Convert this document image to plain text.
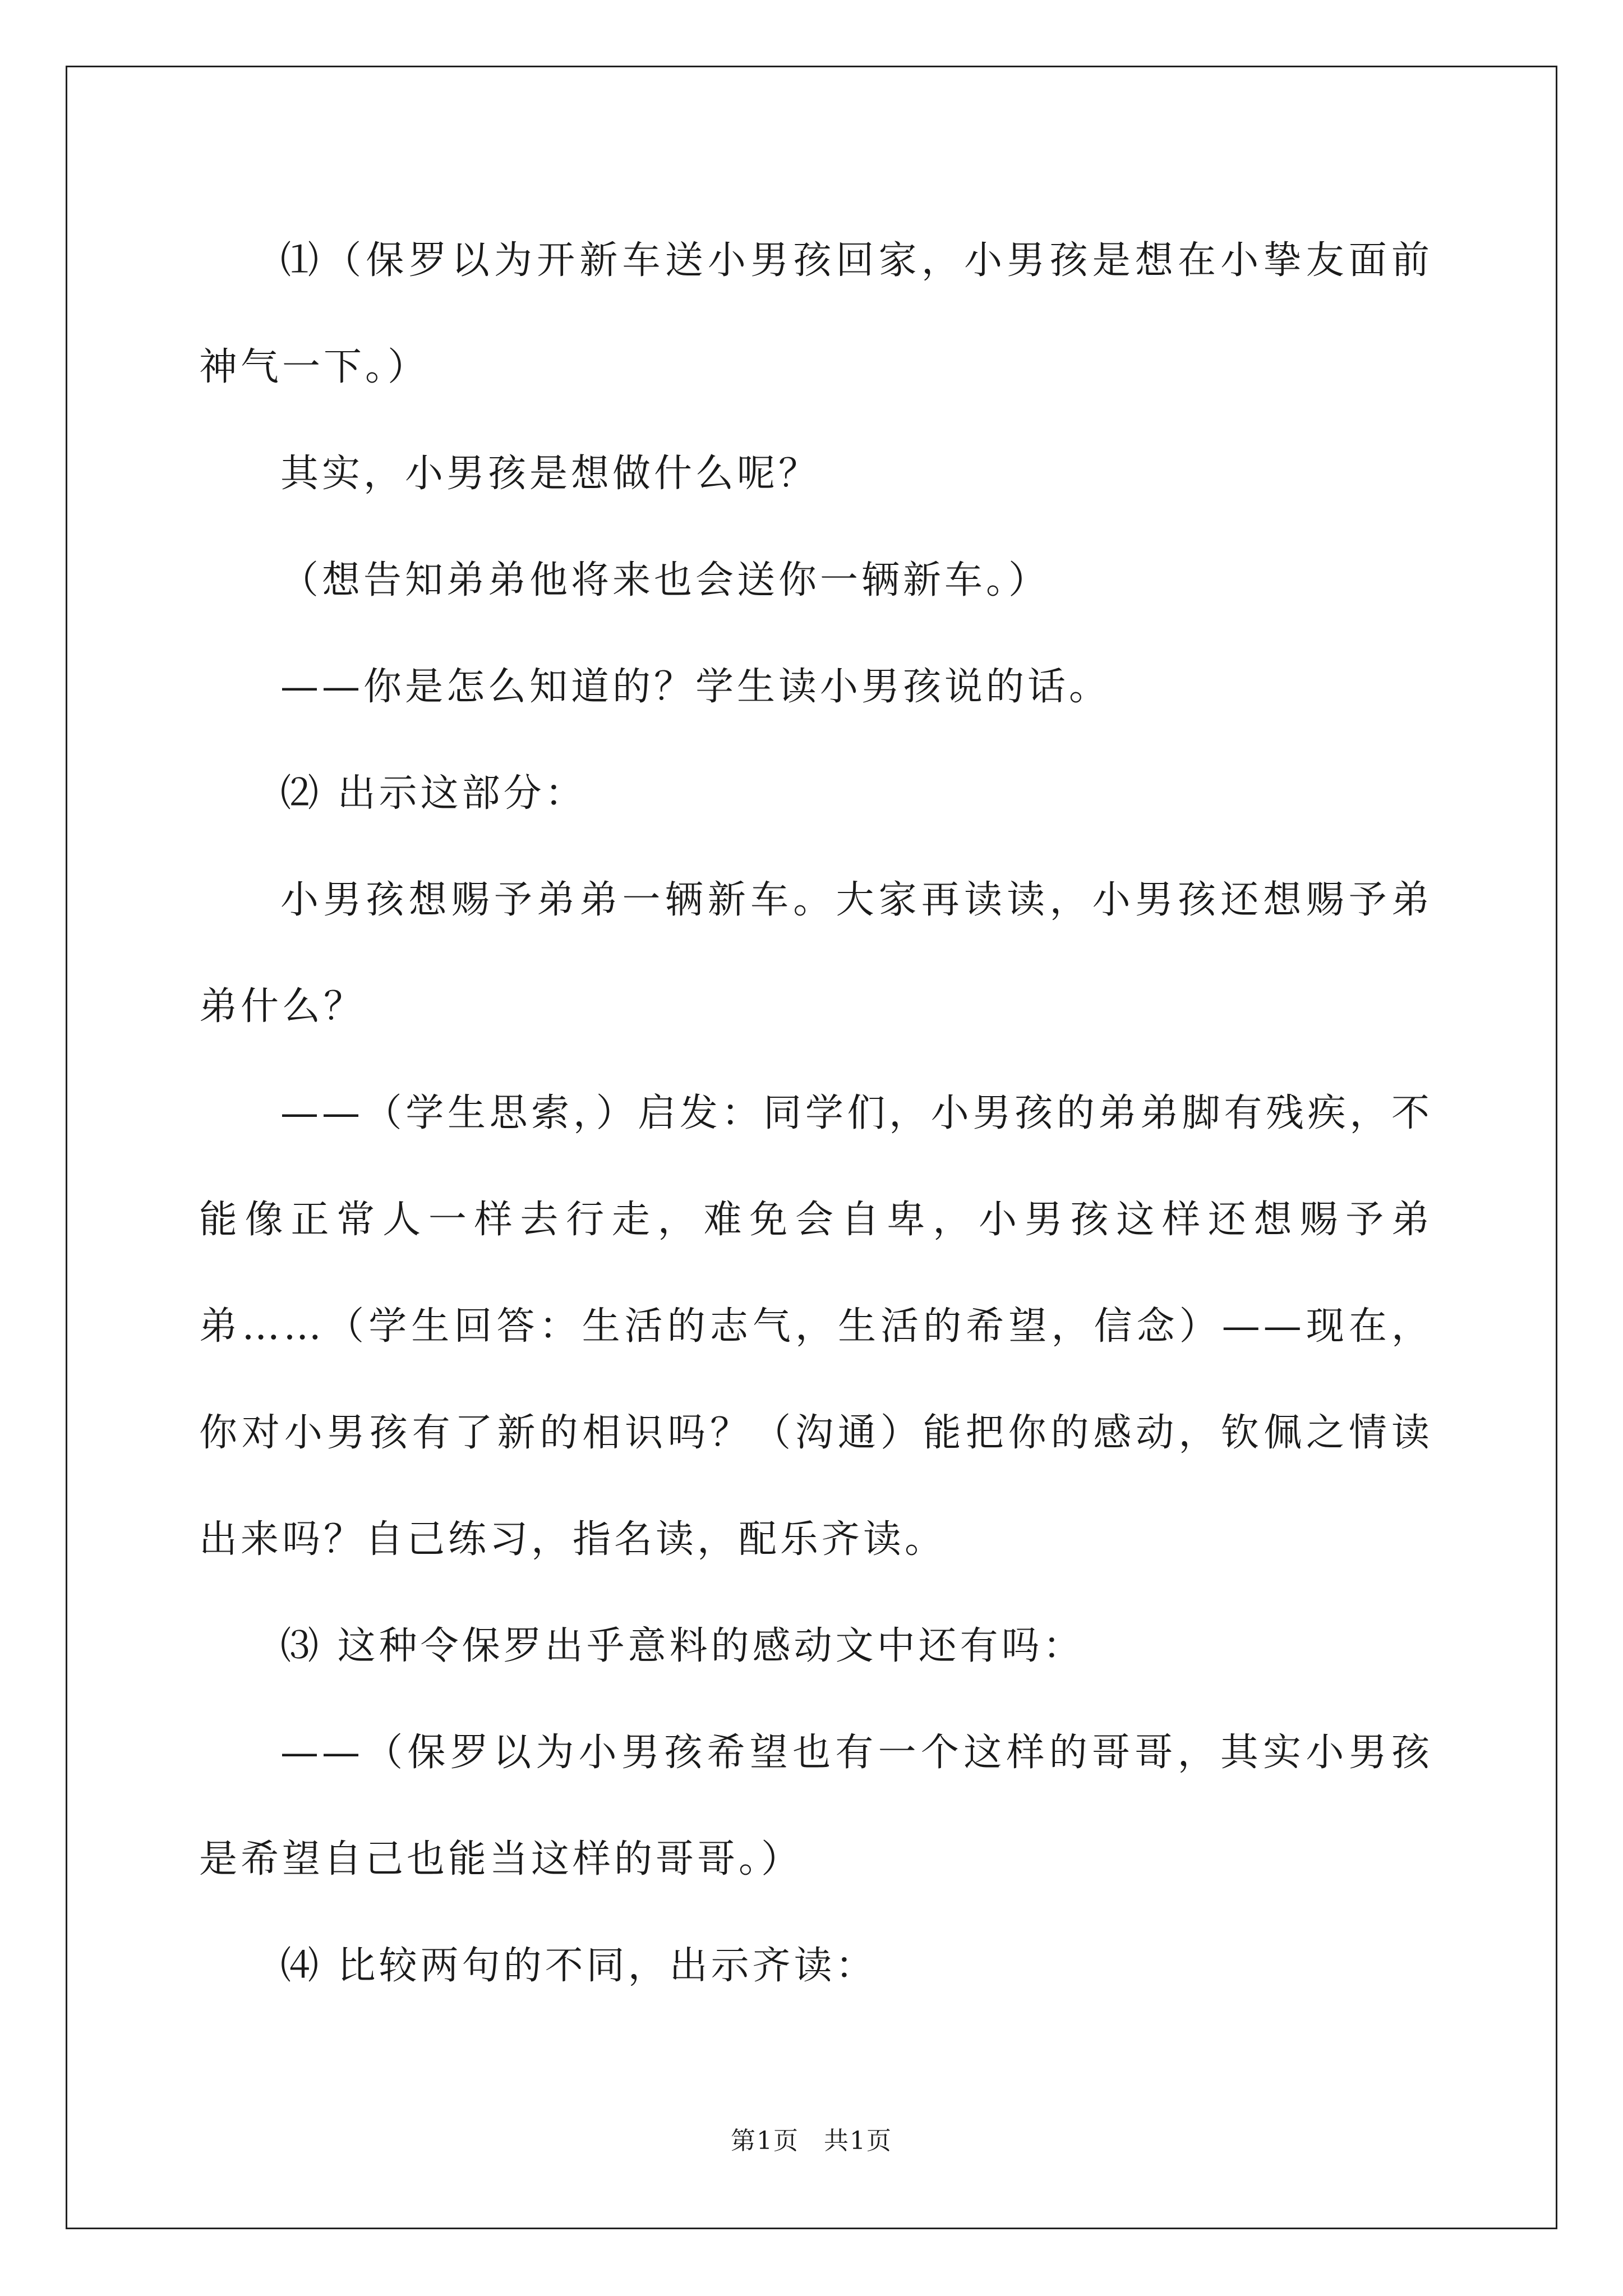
⑴（保罗以为开新车送小男孩回家，小男孩是想在小挚友面前神气一下。）

其实，小男孩是想做什么呢？

（想告知弟弟他将来也会送你一辆新车。）

——你是怎么知道的？学生读小男孩说的话。

⑵ 出示这部分：

小男孩想赐予弟弟一辆新车。大家再读读，小男孩还想赐予弟弟什么？

——（学生思索，）启发：同学们，小男孩的弟弟脚有残疾，不能像正常人一样去行走，难免会自卑，小男孩这样还想赐予弟弟……（学生回答：生活的志气，生活的希望，信念）——现在，你对小男孩有了新的相识吗？（沟通）能把你的感动，钦佩之情读出来吗？自己练习，指名读，配乐齐读。

⑶ 这种令保罗出乎意料的感动文中还有吗：

——（保罗以为小男孩希望也有一个这样的哥哥，其实小男孩是希望自己也能当这样的哥哥。）

⑷ 比较两句的不同，出示齐读：

第1页 共1页
